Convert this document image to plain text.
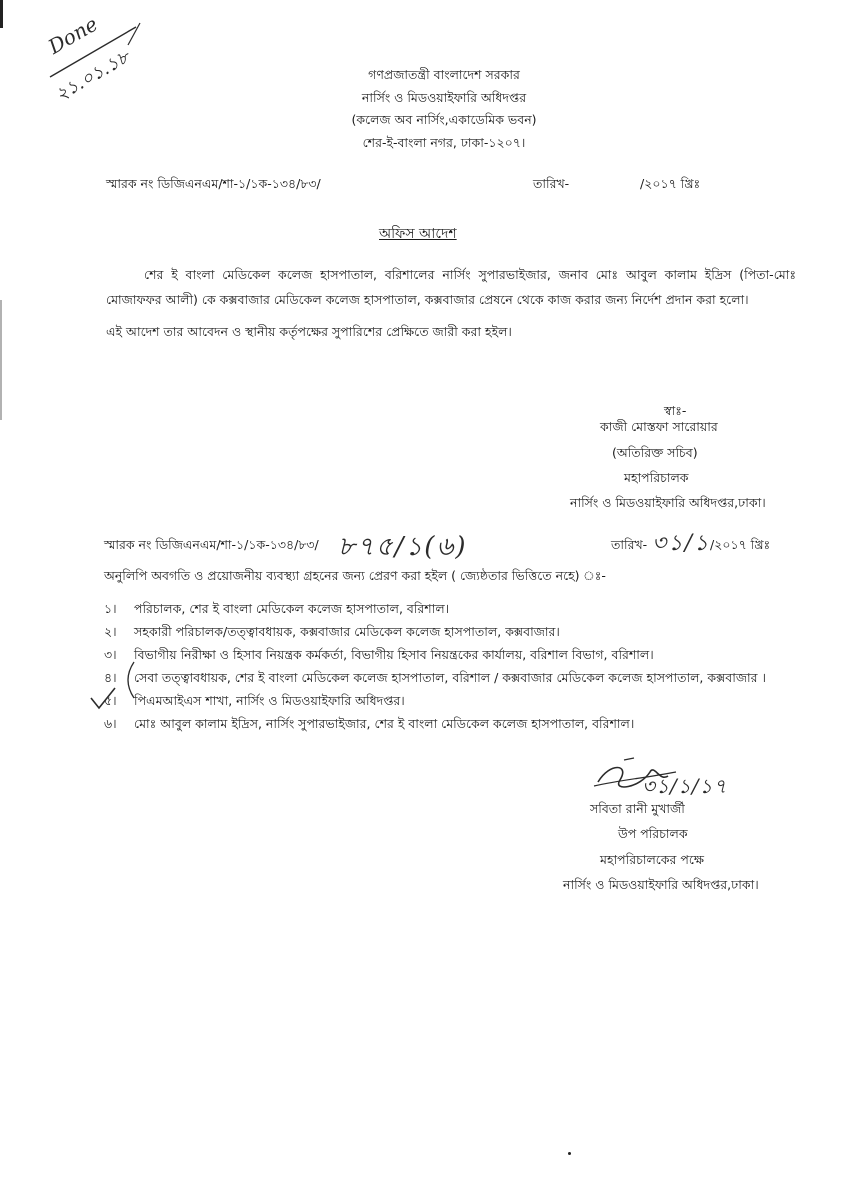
Done
২১.০১.১৮	গণপ্রজাতন্ত্রী বাংলাদেশ সরকার
নার্সিং ও মিডওয়াইফারি অধিদপ্তর
(কলেজ অব নার্সিং,একাডেমিক ভবন)
শের-ই-বাংলা নগর, ঢাকা-১২০৭।
স্মারক নং ডিজিএনএম/শা-১/১ক-১৩৪/৮৩/	তারিখ-	/২০১৭ খ্রিঃ
অফিস আদেশ
শের ই বাংলা মেডিকেল কলেজ হাসপাতাল, বরিশালের নার্সিং সুপারভাইজার, জনাব মোঃ আবুল কালাম ইদ্রিস (পিতা-মোঃ মোজাফফর আলী) কে কক্সবাজার মেডিকেল কলেজ হাসপাতাল, কক্সবাজার প্রেষনে থেকে কাজ করার জন্য নির্দেশ প্রদান করা হলো।
এই আদেশ তার আবেদন ও স্থানীয় কর্তৃপক্ষের সুপারিশের প্রেক্ষিতে জারী করা হইল।
স্বাঃ-
কাজী মোস্তফা সারোয়ার
(অতিরিক্ত সচিব)
মহাপরিচালক
নার্সিং ও মিডওয়াইফারি অধিদপ্তর,ঢাকা।
স্মারক নং ডিজিএনএম/শা-১/১ক-১৩৪/৮৩/ ৮৭৫/১(৬)	তারিখ- ৩১/১ /২০১৭ খ্রিঃ
অনুলিপি অবগতি ও প্রয়োজনীয় ব্যবস্থ্যা গ্রহনের জন্য প্রেরণ করা হইল ( জ্যেষ্ঠতার ভিত্তিতে নহে) ঃ-
১। পরিচালক, শের ই বাংলা মেডিকেল কলেজ হাসপাতাল, বরিশাল।
২। সহকারী পরিচালক/তত্ত্বাবধায়ক, কক্সবাজার মেডিকেল কলেজ হাসপাতাল, কক্সবাজার।
৩। বিভাগীয় নিরীক্ষা ও হিসাব নিয়ন্ত্রক কর্মকর্তা, বিভাগীয় হিসাব নিয়ন্ত্রকের কার্যালয়, বরিশাল বিভাগ, বরিশাল।
৪। সেবা তত্ত্বাবধায়ক, শের ই বাংলা মেডিকেল কলেজ হাসপাতাল, বরিশাল / কক্সবাজার মেডিকেল কলেজ হাসপাতাল, কক্সবাজার ।
৫। পিএমআইএস শাখা, নার্সিং ও মিডওয়াইফারি অধিদপ্তর।
৬। মোঃ আবুল কালাম ইদ্রিস, নার্সিং সুপারভাইজার, শের ই বাংলা মেডিকেল কলেজ হাসপাতাল, বরিশাল।
৩১/১/১৭
সবিতা রানী মুখার্জী
উপ পরিচালক
মহাপরিচালকের পক্ষে
নার্সিং ও মিডওয়াইফারি অধিদপ্তর,ঢাকা।
